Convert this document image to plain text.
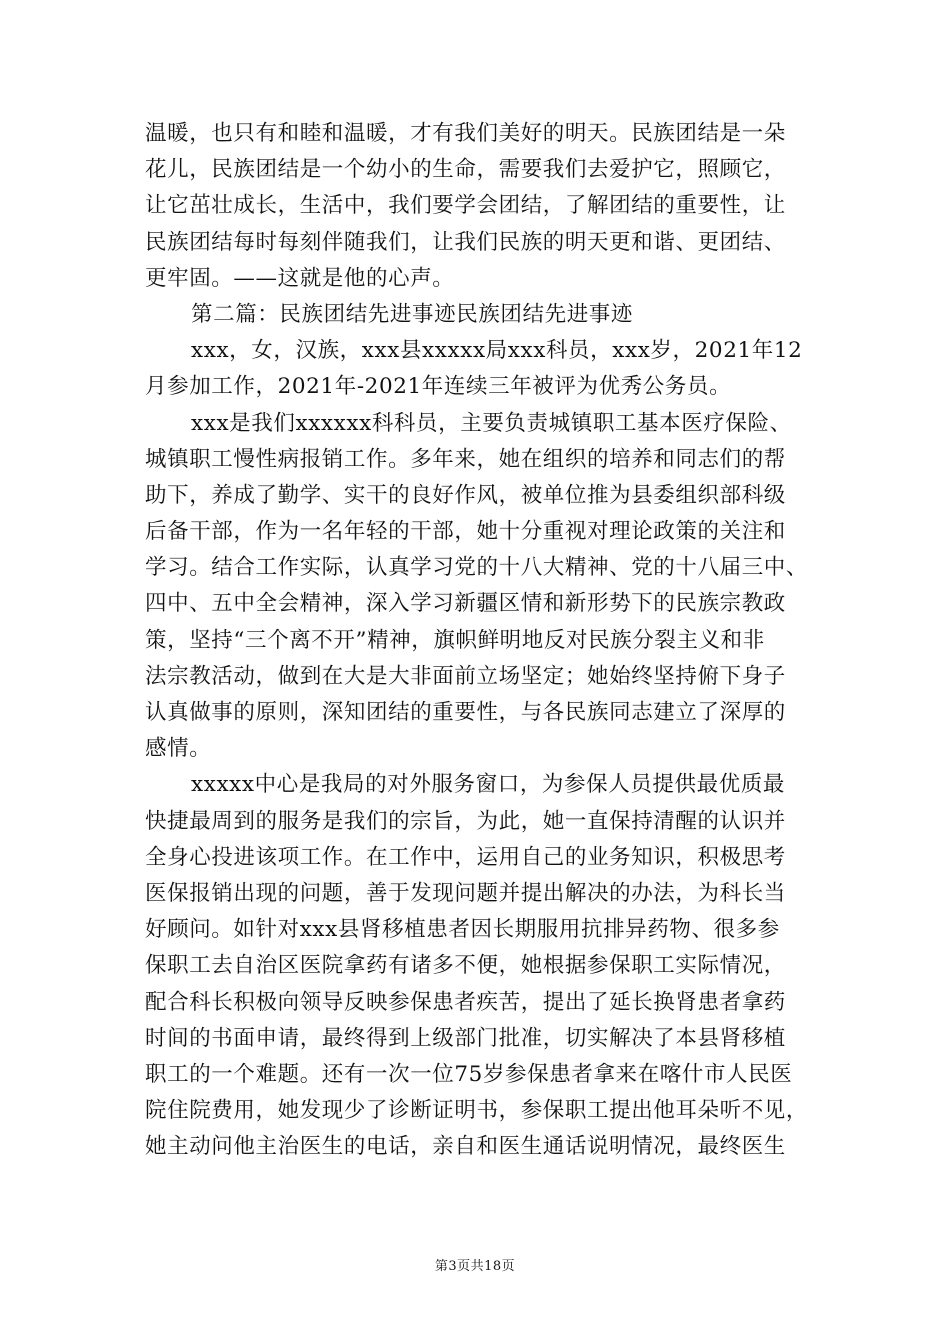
温暖，也只有和睦和温暖，才有我们美好的明天。民族团结是一朵
花儿，民族团结是一个幼小的生命，需要我们去爱护它，照顾它，
让它茁壮成长，生活中，我们要学会团结，了解团结的重要性，让
民族团结每时每刻伴随我们，让我们民族的明天更和谐、更团结、
更牢固。——这就是他的心声。
第二篇：民族团结先进事迹民族团结先进事迹
xxx，女，汉族，xxx县xxxxx局xxx科员，xxx岁，2021年12
月参加工作，2021年-2021年连续三年被评为优秀公务员。
xxx是我们xxxxxx科科员，主要负责城镇职工基本医疗保险、
城镇职工慢性病报销工作。多年来，她在组织的培养和同志们的帮
助下，养成了勤学、实干的良好作风，被单位推为县委组织部科级
后备干部，作为一名年轻的干部，她十分重视对理论政策的关注和
学习。结合工作实际，认真学习党的十八大精神、党的十八届三中、
四中、五中全会精神，深入学习新疆区情和新形势下的民族宗教政
策，坚持“三个离不开”精神，旗帜鲜明地反对民族分裂主义和非
法宗教活动，做到在大是大非面前立场坚定；她始终坚持俯下身子
认真做事的原则，深知团结的重要性，与各民族同志建立了深厚的
感情。
xxxxx中心是我局的对外服务窗口，为参保人员提供最优质最
快捷最周到的服务是我们的宗旨，为此，她一直保持清醒的认识并
全身心投进该项工作。在工作中，运用自己的业务知识，积极思考
医保报销出现的问题，善于发现问题并提出解决的办法，为科长当
好顾问。如针对xxx县肾移植患者因长期服用抗排异药物、很多参
保职工去自治区医院拿药有诸多不便，她根据参保职工实际情况，
配合科长积极向领导反映参保患者疾苦，提出了延长换肾患者拿药
时间的书面申请，最终得到上级部门批准，切实解决了本县肾移植
职工的一个难题。还有一次一位75岁参保患者拿来在喀什市人民医
院住院费用，她发现少了诊断证明书，参保职工提出他耳朵听不见，
她主动问他主治医生的电话，亲自和医生通话说明情况，最终医生
第3页共18页
